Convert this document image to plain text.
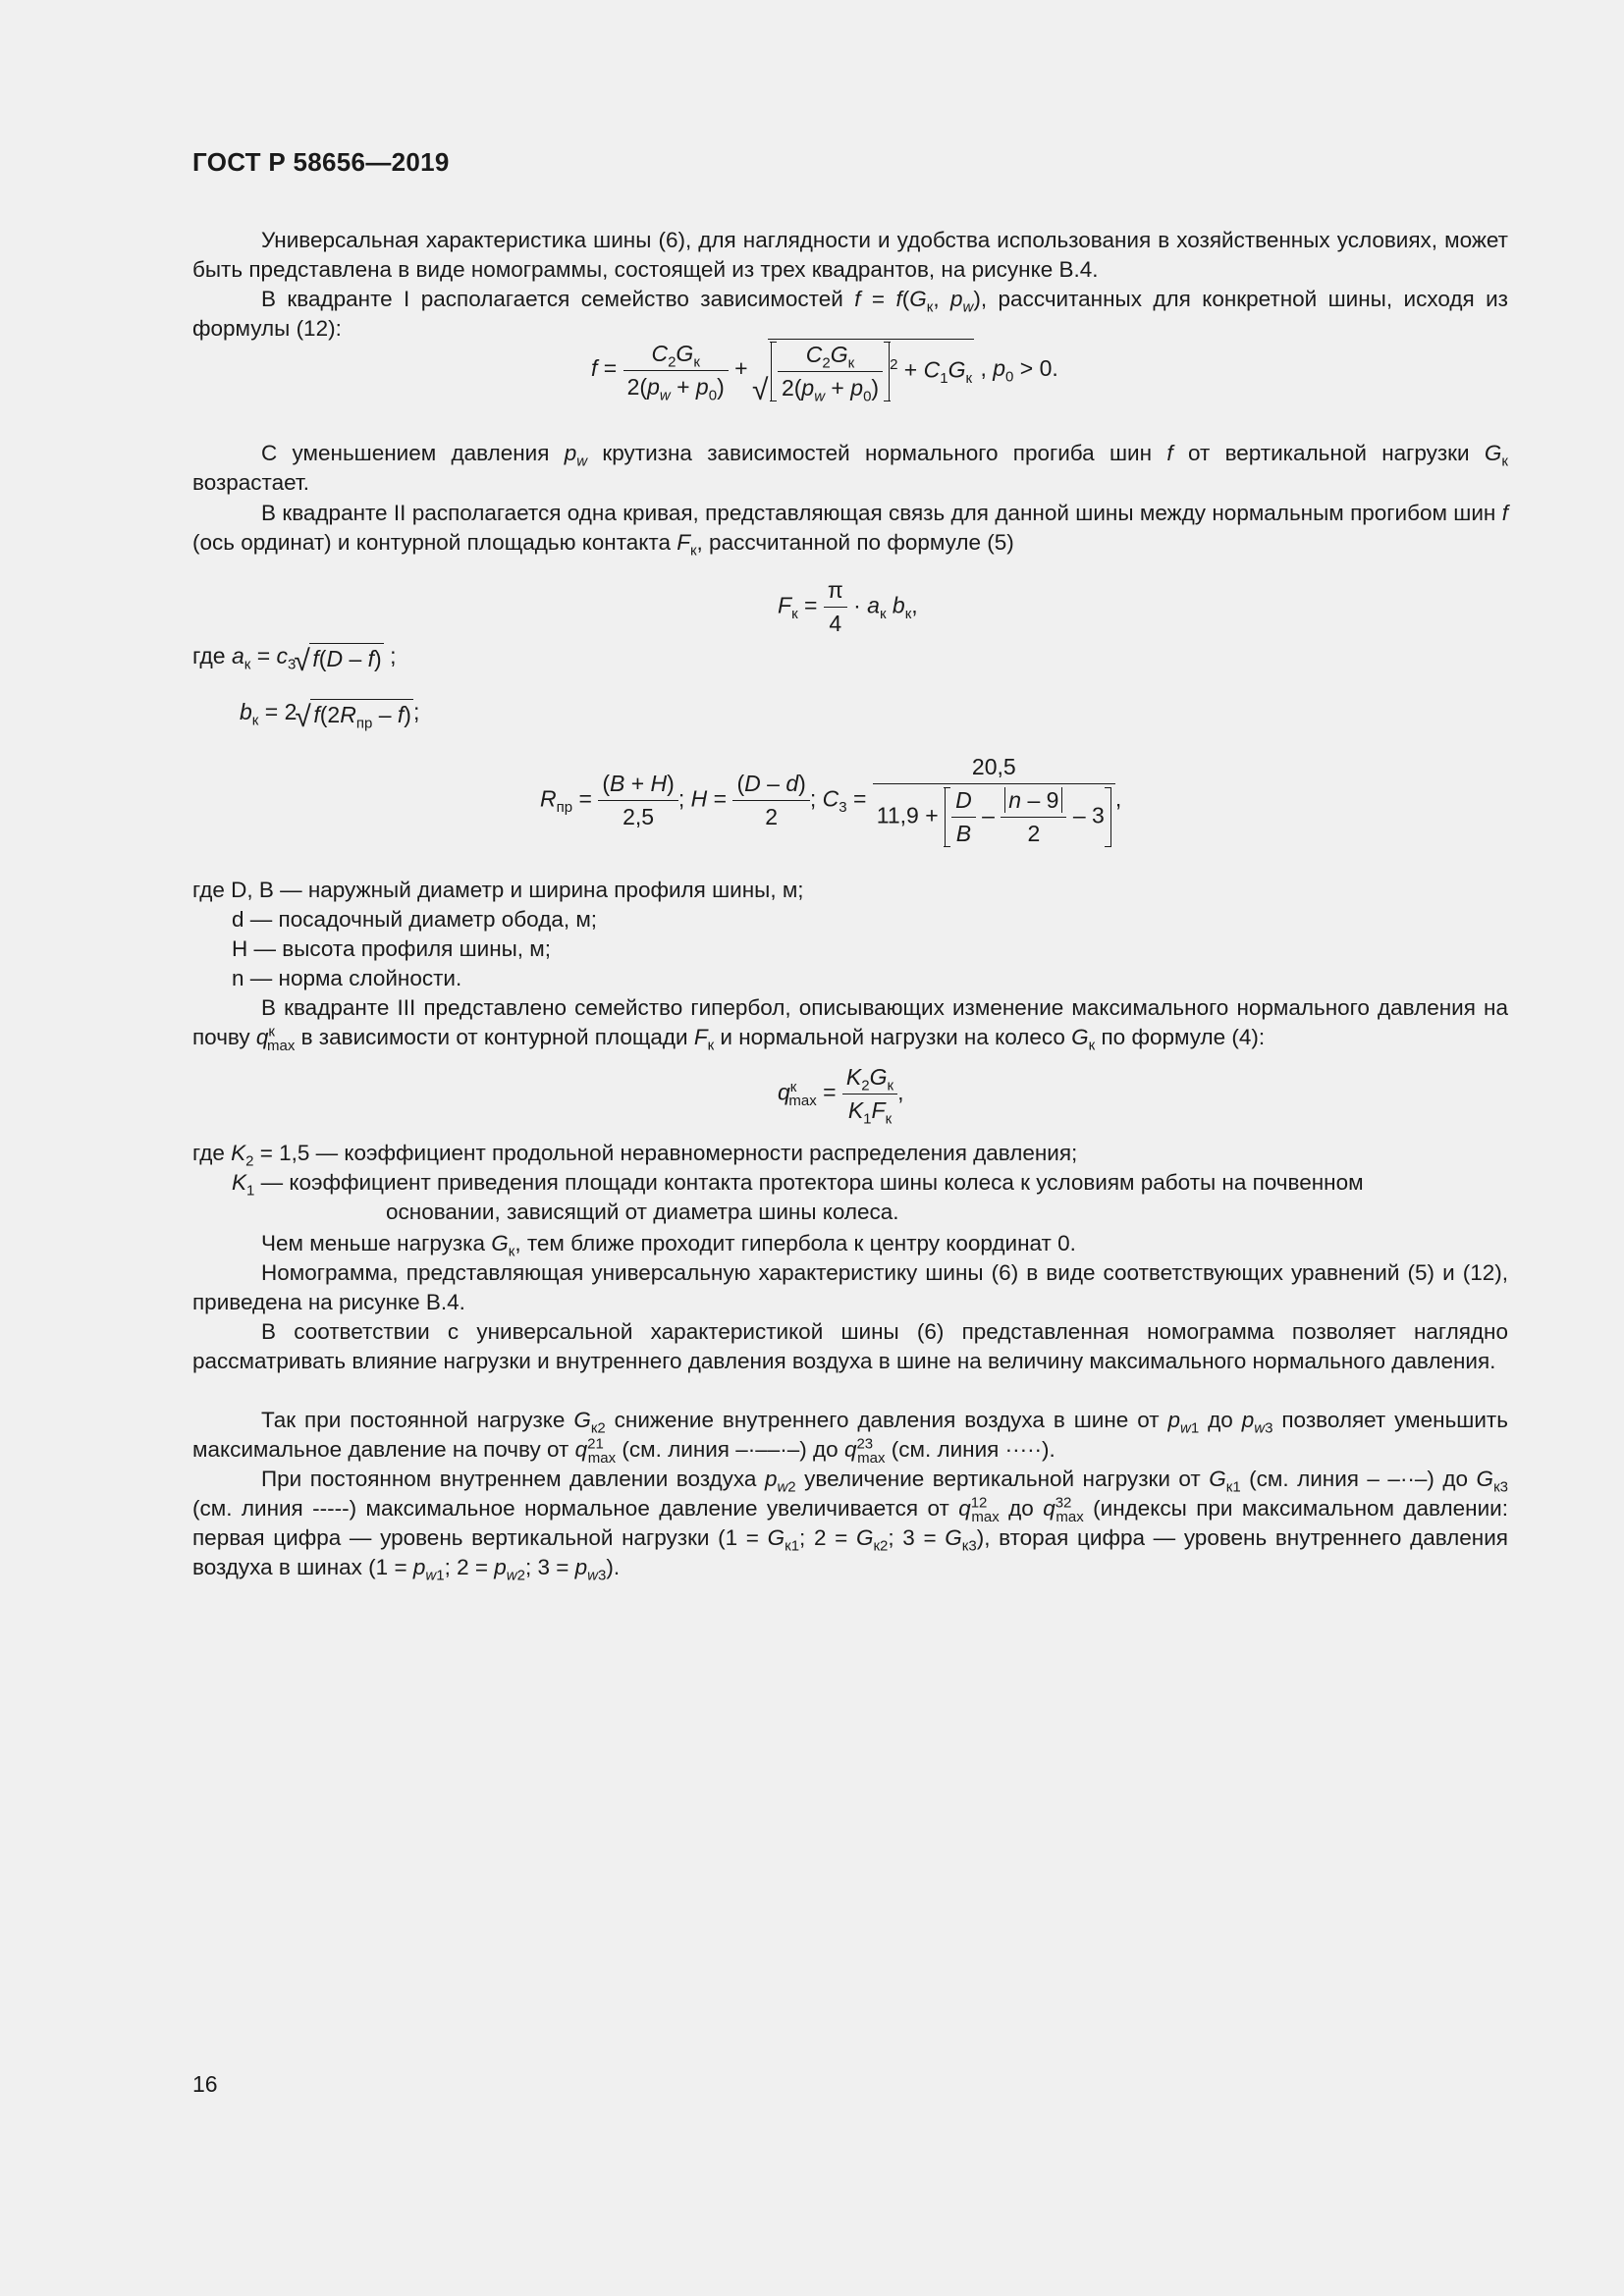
ГОСТ Р 58656—2019
Универсальная характеристика шины (6), для наглядности и удобства использования в хозяйственных условиях, может быть представлена в виде номограммы, состоящей из трех квадрантов, на рисунке В.4.
В квадранте I располагается семейство зависимостей $f = f(G_к$, $p_w$), рассчитанных для конкретной шины, исходя из формулы (12):
$f = \frac{C_2G_к}{2(p_w + p_0)}$ +
√ $\frac{C_2G_к}{2(p_w + p_0)} ^2 + C_1G_к$ , $p_0 > 0$.
С уменьшением давления $p_w$ крутизна зависимостей нормального прогиба шин f от вертикальной нагрузки $G_к$ возрастает.
В квадранте II располагается одна кривая, представляющая связь для данной шины между нормальным прогибом шин f (ось ординат) и контурной площадью контакта $F_к$, рассчитанной по формуле (5)
$F_к = \frac{\pi}{4} \cdot a_к$ $b_к$,
где $a_к = c_3√$ f(D – f) ;
$b_к = 2√$ $f(2R_{пр} - f)$;
$R_{пр} = \frac{(B + H)}{2,5}$ ; $H = \frac{(D - d)}{2}$ ; $C_3 = \frac{20,5}{11,9 + \frac{D}{B} - \frac{n - 9}{2} - 3}$ ,
где D, B — наружный диаметр и ширина профиля шины, м;
d — посадочный диаметр обода, м;
H — высота профиля шины, м;
n — норма слойности.
В квадранте III представлено семейство гипербол, описывающих изменение максимального нормального давления на почву $q^к_{max}$ в зависимости от контурной площади $F_к$ и нормальной нагрузки на колесо $G_к$ по формуле (4):
$q^к_{max} = \frac{K_2G_к}{K_1F_к}$ ,
где $K_2 = 1,5$ — коэффициент продольной неравномерности распределения давления;
$K_1$ — коэффициент приведения площади контакта протектора шины колеса к условиям работы на почвенном
основании, зависящий от диаметра шины колеса.
Чем меньше нагрузка $G_к$, тем ближе проходит гипербола к центру координат 0.
Номограмма, представляющая универсальную характеристику шины (6) в виде соответствующих уравнений (5) и (12), приведена на рисунке В.4.
В соответствии с универсальной характеристикой шины (6) представленная номограмма позволяет наглядно рассматривать влияние нагрузки и внутреннего давления воздуха в шине на величину максимального нормального давления.
Так при постоянной нагрузке $G_{к2}$ снижение внутреннего давления воздуха в шине от $p_{w1}$ до $p_{w3}$ позволяет уменьшить максимальное давление на почву от $q^{21}_{max}$ (см. линия –·––·–) до $q^{23}_{max}$ (см. линия ·····).
При постоянном внутреннем давлении воздуха $p_{w2}$ увеличение вертикальной нагрузки от $G_{к1}$ (см. линия – –··–) до $G_{к3}$ (см. линия -----) максимальное нормальное давление увеличивается от $q^{12}_{max}$ до $q^{32}_{max}$ (индексы при максимальном давлении: первая цифра — уровень вертикальной нагрузки ($1 = G_{к1}$; $2 = G_{к2}$; $3 = G_{к3}$), вторая цифра — уровень внутреннего давления воздуха в шинах ($1 = p_{w1}$; $2 = p_{w2}$; $3 = p_{w3}$).
16
